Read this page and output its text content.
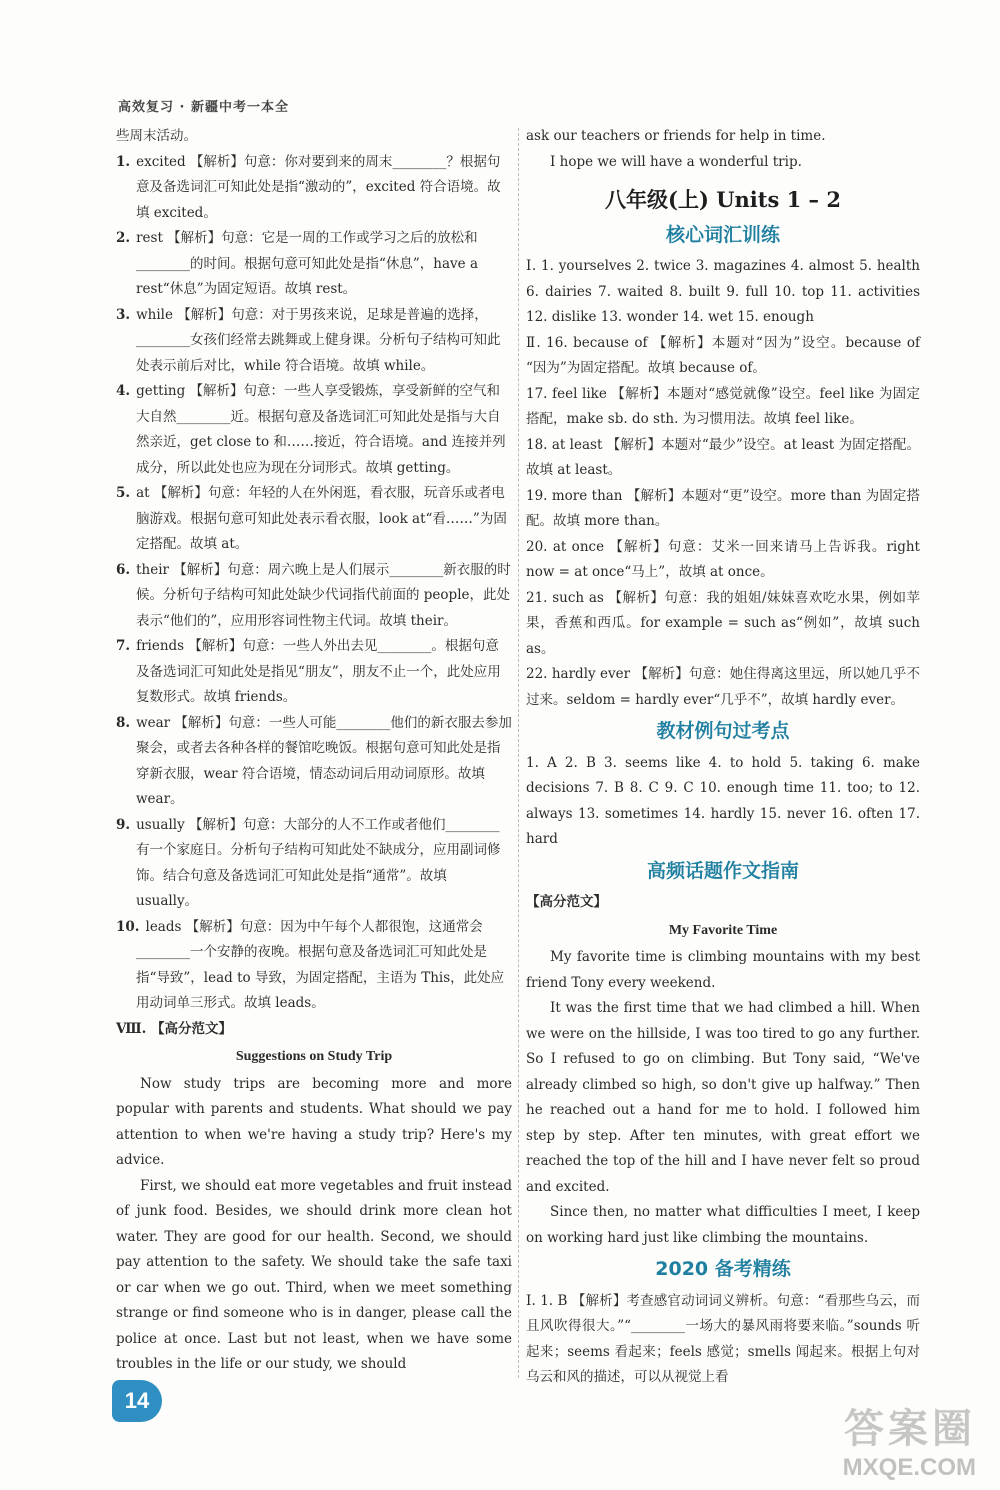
高效复习 · 新疆中考一本全

些周末活动。

1. excited 【解析】句意：你对要到来的周末________？根据句意及备选词汇可知此处是指“激动的”，excited 符合语境。故填 excited。

2. rest 【解析】句意：它是一周的工作或学习之后的放松和________的时间。根据句意可知此处是指“休息”，have a rest“休息”为固定短语。故填 rest。

3. while 【解析】句意：对于男孩来说，足球是普遍的选择，________女孩们经常去跳舞或上健身课。分析句子结构可知此处表示前后对比，while 符合语境。故填 while。

4. getting 【解析】句意：一些人享受锻炼，享受新鲜的空气和大自然________近。根据句意及备选词汇可知此处是指与大自然亲近，get close to 和……接近，符合语境。and 连接并列成分，所以此处也应为现在分词形式。故填 getting。

5. at 【解析】句意：年轻的人在外闲逛，看衣服，玩音乐或者电脑游戏。根据句意可知此处表示看衣服，look at“看……”为固定搭配。故填 at。

6. their 【解析】句意：周六晚上是人们展示________新衣服的时候。分析句子结构可知此处缺少代词指代前面的 people，此处表示“他们的”，应用形容词性物主代词。故填 their。

7. friends 【解析】句意：一些人外出去见________。根据句意及备选词汇可知此处是指见“朋友”，朋友不止一个，此处应用复数形式。故填 friends。

8. wear 【解析】句意：一些人可能________他们的新衣服去参加聚会，或者去各种各样的餐馆吃晚饭。根据句意可知此处是指穿新衣服，wear 符合语境，情态动词后用动词原形。故填 wear。

9. usually 【解析】句意：大部分的人不工作或者他们________有一个家庭日。分析句子结构可知此处不缺成分，应用副词修饰。结合句意及备选词汇可知此处是指“通常”。故填 usually。

10. leads 【解析】句意：因为中午每个人都很饱，这通常会________一个安静的夜晚。根据句意及备选词汇可知此处是指“导致”，lead to 导致，为固定搭配，主语为 This，此处应用动词单三形式。故填 leads。

Ⅷ. 【高分范文】

Suggestions on Study Trip

Now study trips are becoming more and more popular with parents and students. What should we pay attention to when we're having a study trip? Here's my advice.

First, we should eat more vegetables and fruit instead of junk food. Besides, we should drink more clean hot water. They are good for our health. Second, we should pay attention to the safety. We should take the safe taxi or car when we go out. Third, when we meet something strange or find someone who is in danger, please call the police at once. Last but not least, when we have some troubles in the life or our study, we should

ask our teachers or friends for help in time.

I hope we will have a wonderful trip.

八年级(上) Units 1 – 2
核心词汇训练

Ⅰ. 1. yourselves 2. twice 3. magazines 4. almost 5. health 6. dairies 7. waited 8. built 9. full 10. top 11. activities 12. dislike 13. wonder 14. wet 15. enough

Ⅱ. 16. because of 【解析】本题对“因为”设空。because of “因为”为固定搭配。故填 because of。

17. feel like 【解析】本题对“感觉就像”设空。feel like 为固定搭配，make sb. do sth. 为习惯用法。故填 feel like。

18. at least 【解析】本题对“最少”设空。at least 为固定搭配。故填 at least。

19. more than 【解析】本题对“更”设空。more than 为固定搭配。故填 more than。

20. at once 【解析】句意：艾米一回来请马上告诉我。right now = at once“马上”，故填 at once。

21. such as 【解析】句意：我的姐姐/妹妹喜欢吃水果，例如苹果，香蕉和西瓜。for example = such as“例如”，故填 such as。

22. hardly ever 【解析】句意：她住得离这里远，所以她几乎不过来。seldom = hardly ever“几乎不”，故填 hardly ever。

教材例句过考点

1. A 2. B 3. seems like 4. to hold 5. taking 6. make decisions 7. B 8. C 9. C 10. enough time 11. too; to 12. always 13. sometimes 14. hardly 15. never 16. often 17. hard

高频话题作文指南

【高分范文】

My Favorite Time

My favorite time is climbing mountains with my best friend Tony every weekend.

It was the first time that we had climbed a hill. When we were on the hillside, I was too tired to go any further. So I refused to go on climbing. But Tony said, “We've already climbed so high, so don't give up halfway.” Then he reached out a hand for me to hold. I followed him step by step. After ten minutes, with great effort we reached the top of the hill and I have never felt so proud and excited.

Since then, no matter what difficulties I meet, I keep on working hard just like climbing the mountains.

2020 备考精练

Ⅰ. 1. B 【解析】考查感官动词词义辨析。句意：“看那些乌云，而且风吹得很大。”“________一场大的暴风雨将要来临。”sounds 听起来；seems 看起来；feels 感觉；smells 闻起来。根据上句对乌云和风的描述，可以从视觉上看

14
答案圈
MXQE.COM
